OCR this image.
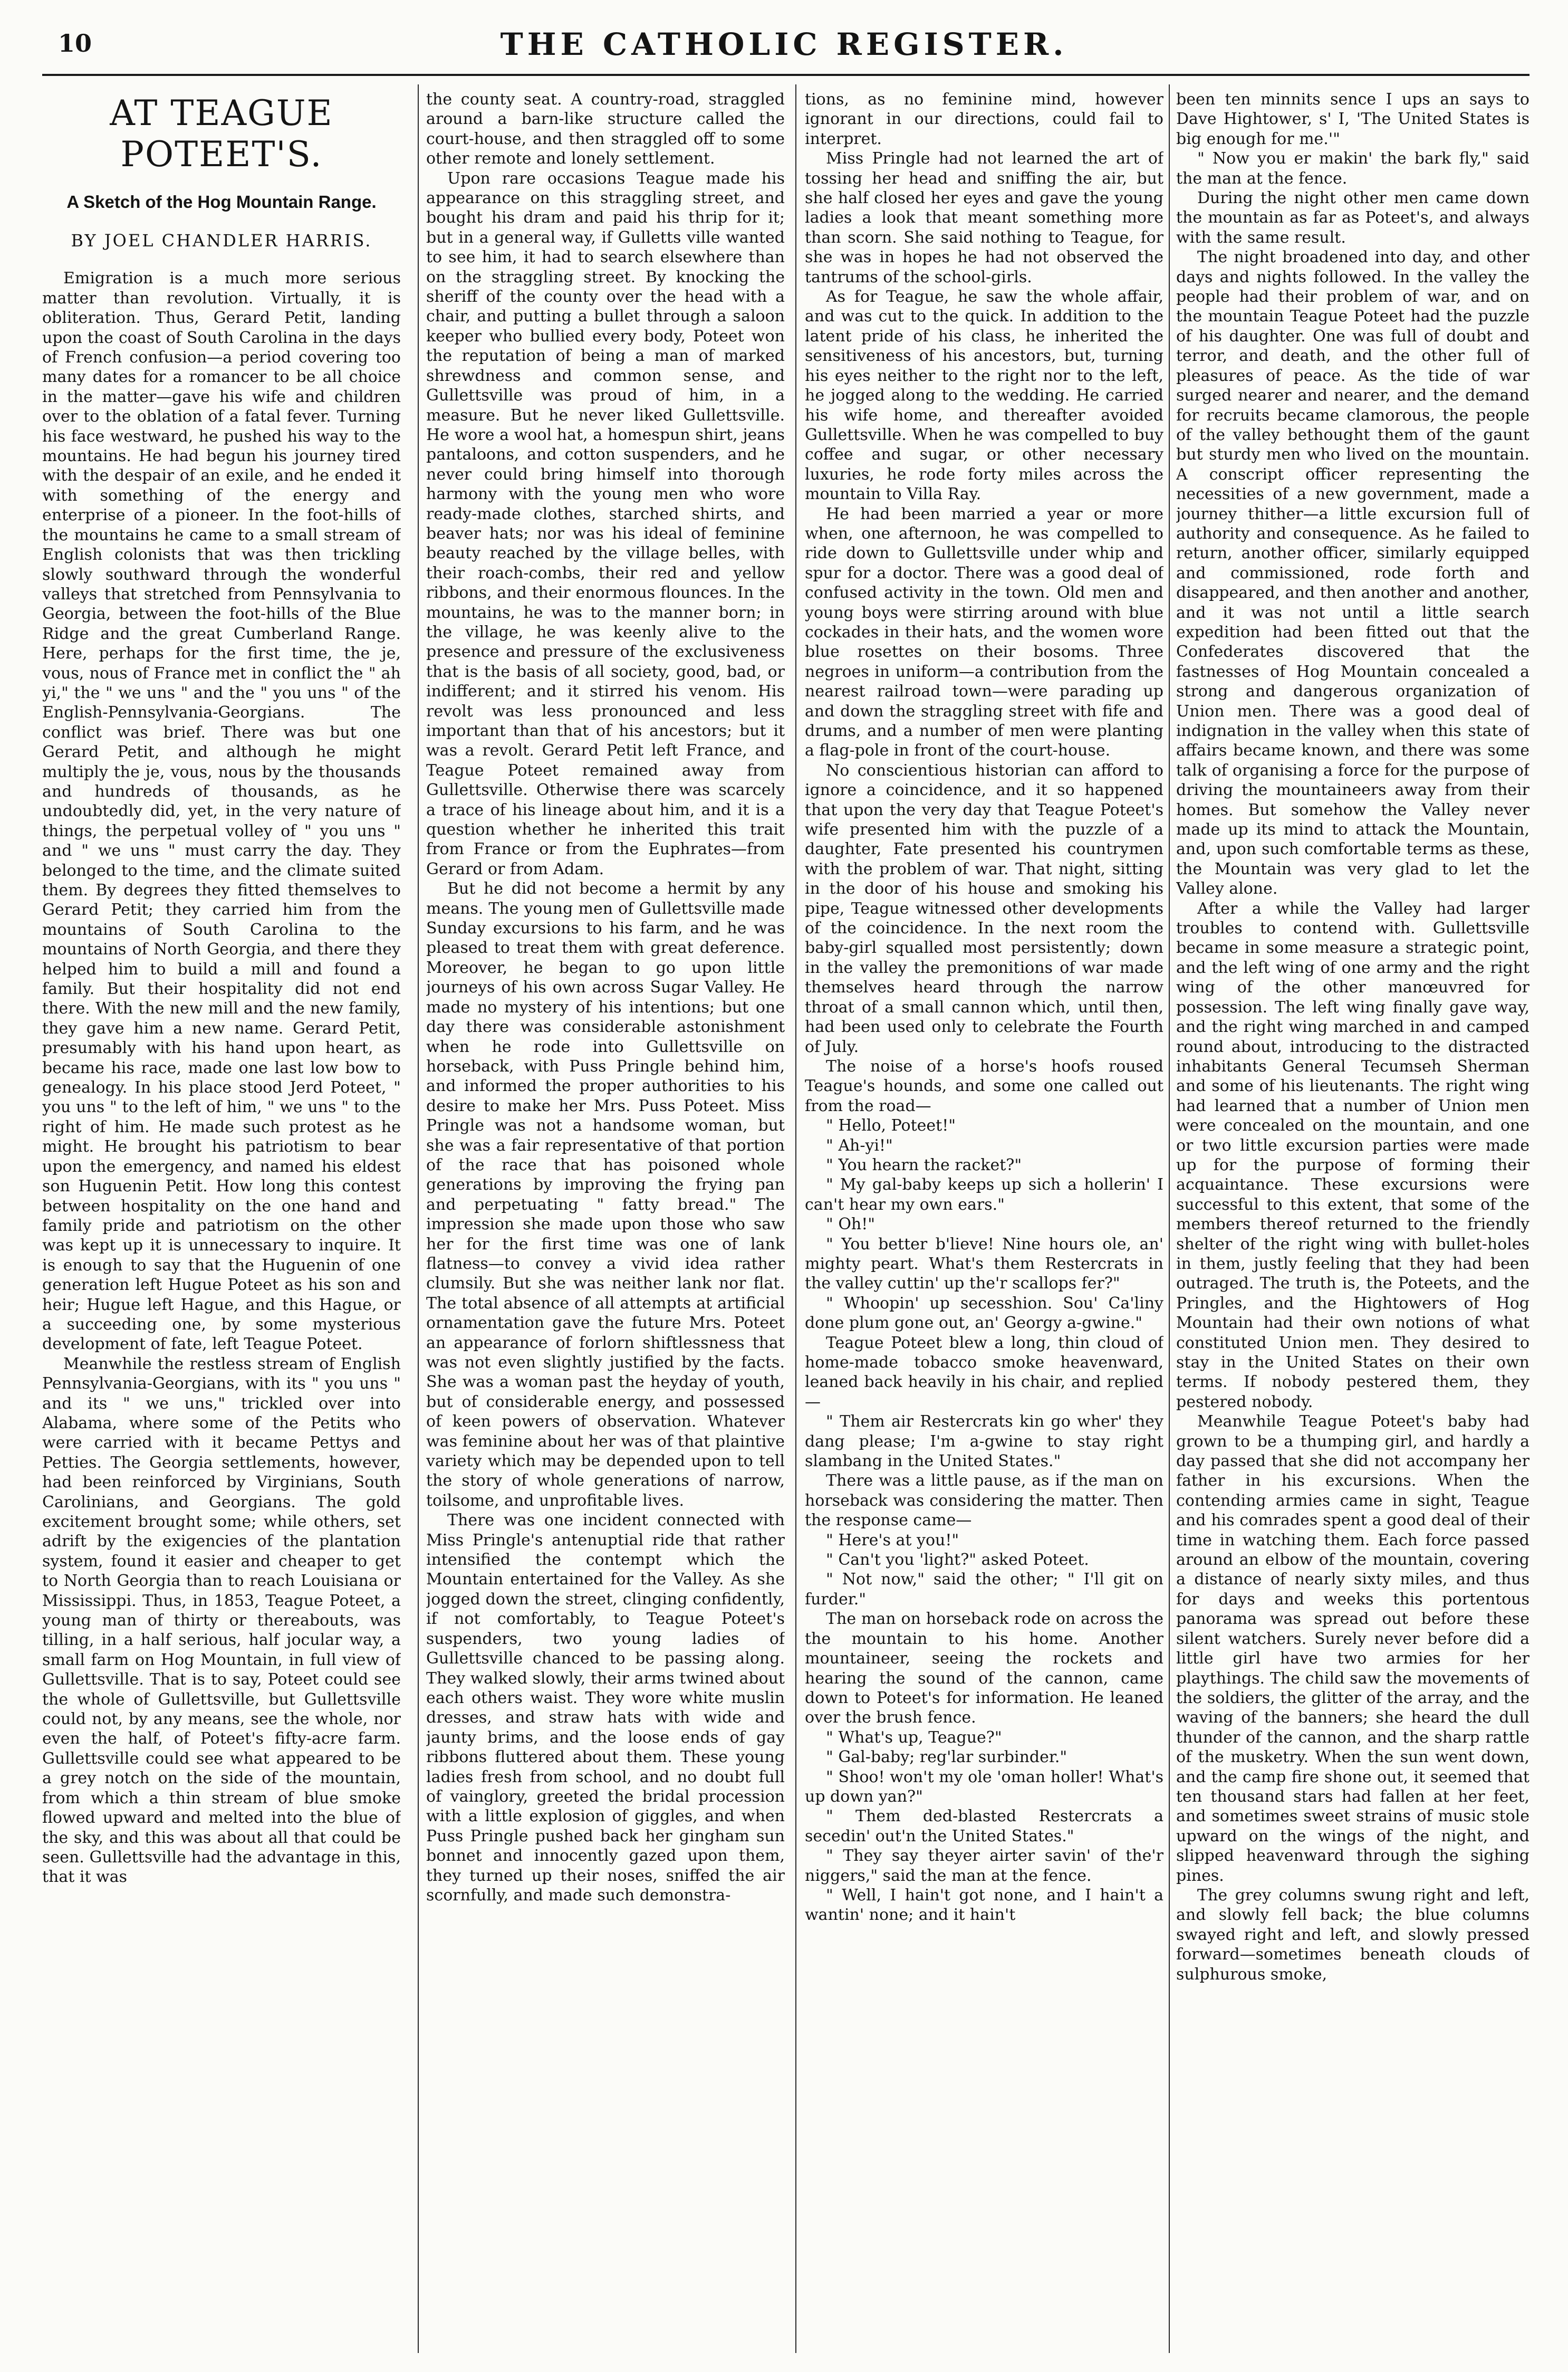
10	THE CATHOLIC REGISTER.
AT TEAGUE POTEET'S.
A Sketch of the Hog Mountain Range.
BY JOEL CHANDLER HARRIS.

Emigration is a much more serious matter than revolution. Virtually, it is obliteration. Thus, Gerard Petit, landing upon the coast of South Carolina in the days of French confusion—a period covering too many dates for a romancer to be all choice in the matter—gave his wife and children over to the oblation of a fatal fever. Turning his face westward, he pushed his way to the mountains. He had begun his journey tired with the despair of an exile, and he ended it with something of the energy and enterprise of a pioneer. In the foot-hills of the mountains he came to a small stream of English colonists that was then trickling slowly southward through the wonderful valleys that stretched from Pennsylvania to Georgia, between the foot-hills of the Blue Ridge and the great Cumberland Range. Here, perhaps for the first time, the je, vous, nous of France met in conflict the " ah yi," the " we uns " and the " you uns " of the English-Pennsylvania-Georgians. The conflict was brief. There was but one Gerard Petit, and although he might multiply the je, vous, nous by the thousands and hundreds of thousands, as he undoubtedly did, yet, in the very nature of things, the perpetual volley of " you uns " and " we uns " must carry the day. They belonged to the time, and the climate suited them. By degrees they fitted themselves to Gerard Petit; they carried him from the mountains of South Carolina to the mountains of North Georgia, and there they helped him to build a mill and found a family. But their hospitality did not end there. With the new mill and the new family, they gave him a new name. Gerard Petit, presumably with his hand upon heart, as became his race, made one last low bow to genealogy. In his place stood Jerd Poteet, " you uns " to the left of him, " we uns " to the right of him. He made such protest as he might. He brought his patriotism to bear upon the emergency, and named his eldest son Huguenin Petit. How long this contest between hospitality on the one hand and family pride and patriotism on the other was kept up it is unnecessary to inquire. It is enough to say that the Huguenin of one generation left Hugue Poteet as his son and heir; Hugue left Hague, and this Hague, or a succeeding one, by some mysterious development of fate, left Teague Poteet.

Meanwhile the restless stream of English Pennsylvania-Georgians, with its " you uns " and its " we uns," trickled over into Alabama, where some of the Petits who were carried with it became Pettys and Petties. The Georgia settlements, however, had been reinforced by Virginians, South Carolinians, and Georgians. The gold excitement brought some; while others, set adrift by the exigencies of the plantation system, found it easier and cheaper to get to North Georgia than to reach Louisiana or Mississippi. Thus, in 1853, Teague Poteet, a young man of thirty or thereabouts, was tilling, in a half serious, half jocular way, a small farm on Hog Mountain, in full view of Gullettsville. That is to say, Poteet could see the whole of Gullettsville, but Gullettsville could not, by any means, see the whole, nor even the half, of Poteet's fifty-acre farm. Gullettsville could see what appeared to be a grey notch on the side of the mountain, from which a thin stream of blue smoke flowed upward and melted into the blue of the sky, and this was about all that could be seen. Gullettsville had the advantage in this, that it was

the county seat. A country-road, straggled around a barn-like structure called the court-house, and then straggled off to some other remote and lonely settlement.

Upon rare occasions Teague made his appearance on this straggling street, and bought his dram and paid his thrip for it; but in a general way, if Gulletts ville wanted to see him, it had to search elsewhere than on the straggling street. By knocking the sheriff of the county over the head with a chair, and putting a bullet through a saloon keeper who bullied every body, Poteet won the reputation of being a man of marked shrewdness and common sense, and Gullettsville was proud of him, in a measure. But he never liked Gullettsville. He wore a wool hat, a homespun shirt, jeans pantaloons, and cotton suspenders, and he never could bring himself into thorough harmony with the young men who wore ready-made clothes, starched shirts, and beaver hats; nor was his ideal of feminine beauty reached by the village belles, with their roach-combs, their red and yellow ribbons, and their enormous flounces. In the mountains, he was to the manner born; in the village, he was keenly alive to the presence and pressure of the exclusiveness that is the basis of all society, good, bad, or indifferent; and it stirred his venom. His revolt was less pronounced and less important than that of his ancestors; but it was a revolt. Gerard Petit left France, and Teague Poteet remained away from Gullettsville. Otherwise there was scarcely a trace of his lineage about him, and it is a question whether he inherited this trait from France or from the Euphrates—from Gerard or from Adam.

But he did not become a hermit by any means. The young men of Gullettsville made Sunday excursions to his farm, and he was pleased to treat them with great deference. Moreover, he began to go upon little journeys of his own across Sugar Valley. He made no mystery of his intentions; but one day there was considerable astonishment when he rode into Gullettsville on horseback, with Puss Pringle behind him, and informed the proper authorities to his desire to make her Mrs. Puss Poteet. Miss Pringle was not a handsome woman, but she was a fair representative of that portion of the race that has poisoned whole generations by improving the frying pan and perpetuating " fatty bread." The impression she made upon those who saw her for the first time was one of lank flatness—to convey a vivid idea rather clumsily. But she was neither lank nor flat. The total absence of all attempts at artificial ornamentation gave the future Mrs. Poteet an appearance of forlorn shiftlessness that was not even slightly justified by the facts. She was a woman past the heyday of youth, but of considerable energy, and possessed of keen powers of observation. Whatever was feminine about her was of that plaintive variety which may be depended upon to tell the story of whole generations of narrow, toilsome, and unprofitable lives.

There was one incident connected with Miss Pringle's antenuptial ride that rather intensified the contempt which the Mountain entertained for the Valley. As she jogged down the street, clinging confidently, if not comfortably, to Teague Poteet's suspenders, two young ladies of Gullettsville chanced to be passing along. They walked slowly, their arms twined about each others waist. They wore white muslin dresses, and straw hats with wide and jaunty brims, and the loose ends of gay ribbons fluttered about them. These young ladies fresh from school, and no doubt full of vainglory, greeted the bridal procession with a little explosion of giggles, and when Puss Pringle pushed back her gingham sun bonnet and innocently gazed upon them, they turned up their noses, sniffed the air scornfully, and made such demonstra-

tions, as no feminine mind, however ignorant in our directions, could fail to interpret.

Miss Pringle had not learned the art of tossing her head and sniffing the air, but she half closed her eyes and gave the young ladies a look that meant something more than scorn. She said nothing to Teague, for she was in hopes he had not observed the tantrums of the school-girls.

As for Teague, he saw the whole affair, and was cut to the quick. In addition to the latent pride of his class, he inherited the sensitiveness of his ancestors, but, turning his eyes neither to the right nor to the left, he jogged along to the wedding. He carried his wife home, and thereafter avoided Gullettsville. When he was compelled to buy coffee and sugar, or other necessary luxuries, he rode forty miles across the mountain to Villa Ray.

He had been married a year or more when, one afternoon, he was compelled to ride down to Gullettsville under whip and spur for a doctor. There was a good deal of confused activity in the town. Old men and young boys were stirring around with blue cockades in their hats, and the women wore blue rosettes on their bosoms. Three negroes in uniform—a contribution from the nearest railroad town—were parading up and down the straggling street with fife and drums, and a number of men were planting a flag-pole in front of the court-house.

No conscientious historian can afford to ignore a coincidence, and it so happened that upon the very day that Teague Poteet's wife presented him with the puzzle of a daughter, Fate presented his countrymen with the problem of war. That night, sitting in the door of his house and smoking his pipe, Teague witnessed other developments of the coincidence. In the next room the baby-girl squalled most persistently; down in the valley the premonitions of war made themselves heard through the narrow throat of a small cannon which, until then, had been used only to celebrate the Fourth of July.

The noise of a horse's hoofs roused Teague's hounds, and some one called out from the road—

" Hello, Poteet!"

" Ah-yi!"

" You hearn the racket?"

" My gal-baby keeps up sich a hollerin' I can't hear my own ears."

" Oh!"

" You better b'lieve! Nine hours ole, an' mighty peart. What's them Restercrats in the valley cuttin' up the'r scallops fer?"

" Whoopin' up secesshion. Sou' Ca'liny done plum gone out, an' Georgy a-gwine."

Teague Poteet blew a long, thin cloud of home-made tobacco smoke heavenward, leaned back heavily in his chair, and replied—

" Them air Restercrats kin go wher' they dang please; I'm a-gwine to stay right slambang in the United States."

There was a little pause, as if the man on horseback was considering the matter. Then the response came—

" Here's at you!"

" Can't you 'light?" asked Poteet.

" Not now," said the other; " I'll git on furder."

The man on horseback rode on across the the mountain to his home. Another mountaineer, seeing the rockets and hearing the sound of the cannon, came down to Poteet's for information. He leaned over the brush fence.

" What's up, Teague?"

" Gal-baby; reg'lar surbinder."

" Shoo! won't my ole 'oman holler! What's up down yan?"

" Them ded-blasted Restercrats a secedin' out'n the United States."

" They say theyer airter savin' of the'r niggers," said the man at the fence.

" Well, I hain't got none, and I hain't a wantin' none; and it hain't

been ten minnits sence I ups an says to Dave Hightower, s' I, 'The United States is big enough for me.'"

" Now you er makin' the bark fly," said the man at the fence.

During the night other men came down the mountain as far as Poteet's, and always with the same result.

The night broadened into day, and other days and nights followed. In the valley the people had their problem of war, and on the mountain Teague Poteet had the puzzle of his daughter. One was full of doubt and terror, and death, and the other full of pleasures of peace. As the tide of war surged nearer and nearer, and the demand for recruits became clamorous, the people of the valley bethought them of the gaunt but sturdy men who lived on the mountain. A conscript officer representing the necessities of a new government, made a journey thither—a little excursion full of authority and consequence. As he failed to return, another officer, similarly equipped and commissioned, rode forth and disappeared, and then another and another, and it was not until a little search expedition had been fitted out that the Confederates discovered that the fastnesses of Hog Mountain concealed a strong and dangerous organization of Union men. There was a good deal of indignation in the valley when this state of affairs became known, and there was some talk of organising a force for the purpose of driving the mountaineers away from their homes. But somehow the Valley never made up its mind to attack the Mountain, and, upon such comfortable terms as these, the Mountain was very glad to let the Valley alone.

After a while the Valley had larger troubles to contend with. Gullettsville became in some measure a strategic point, and the left wing of one army and the right wing of the other manœuvred for possession. The left wing finally gave way, and the right wing marched in and camped round about, introducing to the distracted inhabitants General Tecumseh Sherman and some of his lieutenants. The right wing had learned that a number of Union men were concealed on the mountain, and one or two little excursion parties were made up for the purpose of forming their acquaintance. These excursions were successful to this extent, that some of the members thereof returned to the friendly shelter of the right wing with bullet-holes in them, justly feeling that they had been outraged. The truth is, the Poteets, and the Pringles, and the Hightowers of Hog Mountain had their own notions of what constituted Union men. They desired to stay in the United States on their own terms. If nobody pestered them, they pestered nobody.

Meanwhile Teague Poteet's baby had grown to be a thumping girl, and hardly a day passed that she did not accompany her father in his excursions. When the contending armies came in sight, Teague and his comrades spent a good deal of their time in watching them. Each force passed around an elbow of the mountain, covering a distance of nearly sixty miles, and thus for days and weeks this portentous panorama was spread out before these silent watchers. Surely never before did a little girl have two armies for her playthings. The child saw the movements of the soldiers, the glitter of the array, and the waving of the banners; she heard the dull thunder of the cannon, and the sharp rattle of the musketry. When the sun went down, and the camp fire shone out, it seemed that ten thousand stars had fallen at her feet, and sometimes sweet strains of music stole upward on the wings of the night, and slipped heavenward through the sighing pines.

The grey columns swung right and left, and slowly fell back; the blue columns swayed right and left, and slowly pressed forward—sometimes beneath clouds of sulphurous smoke,
